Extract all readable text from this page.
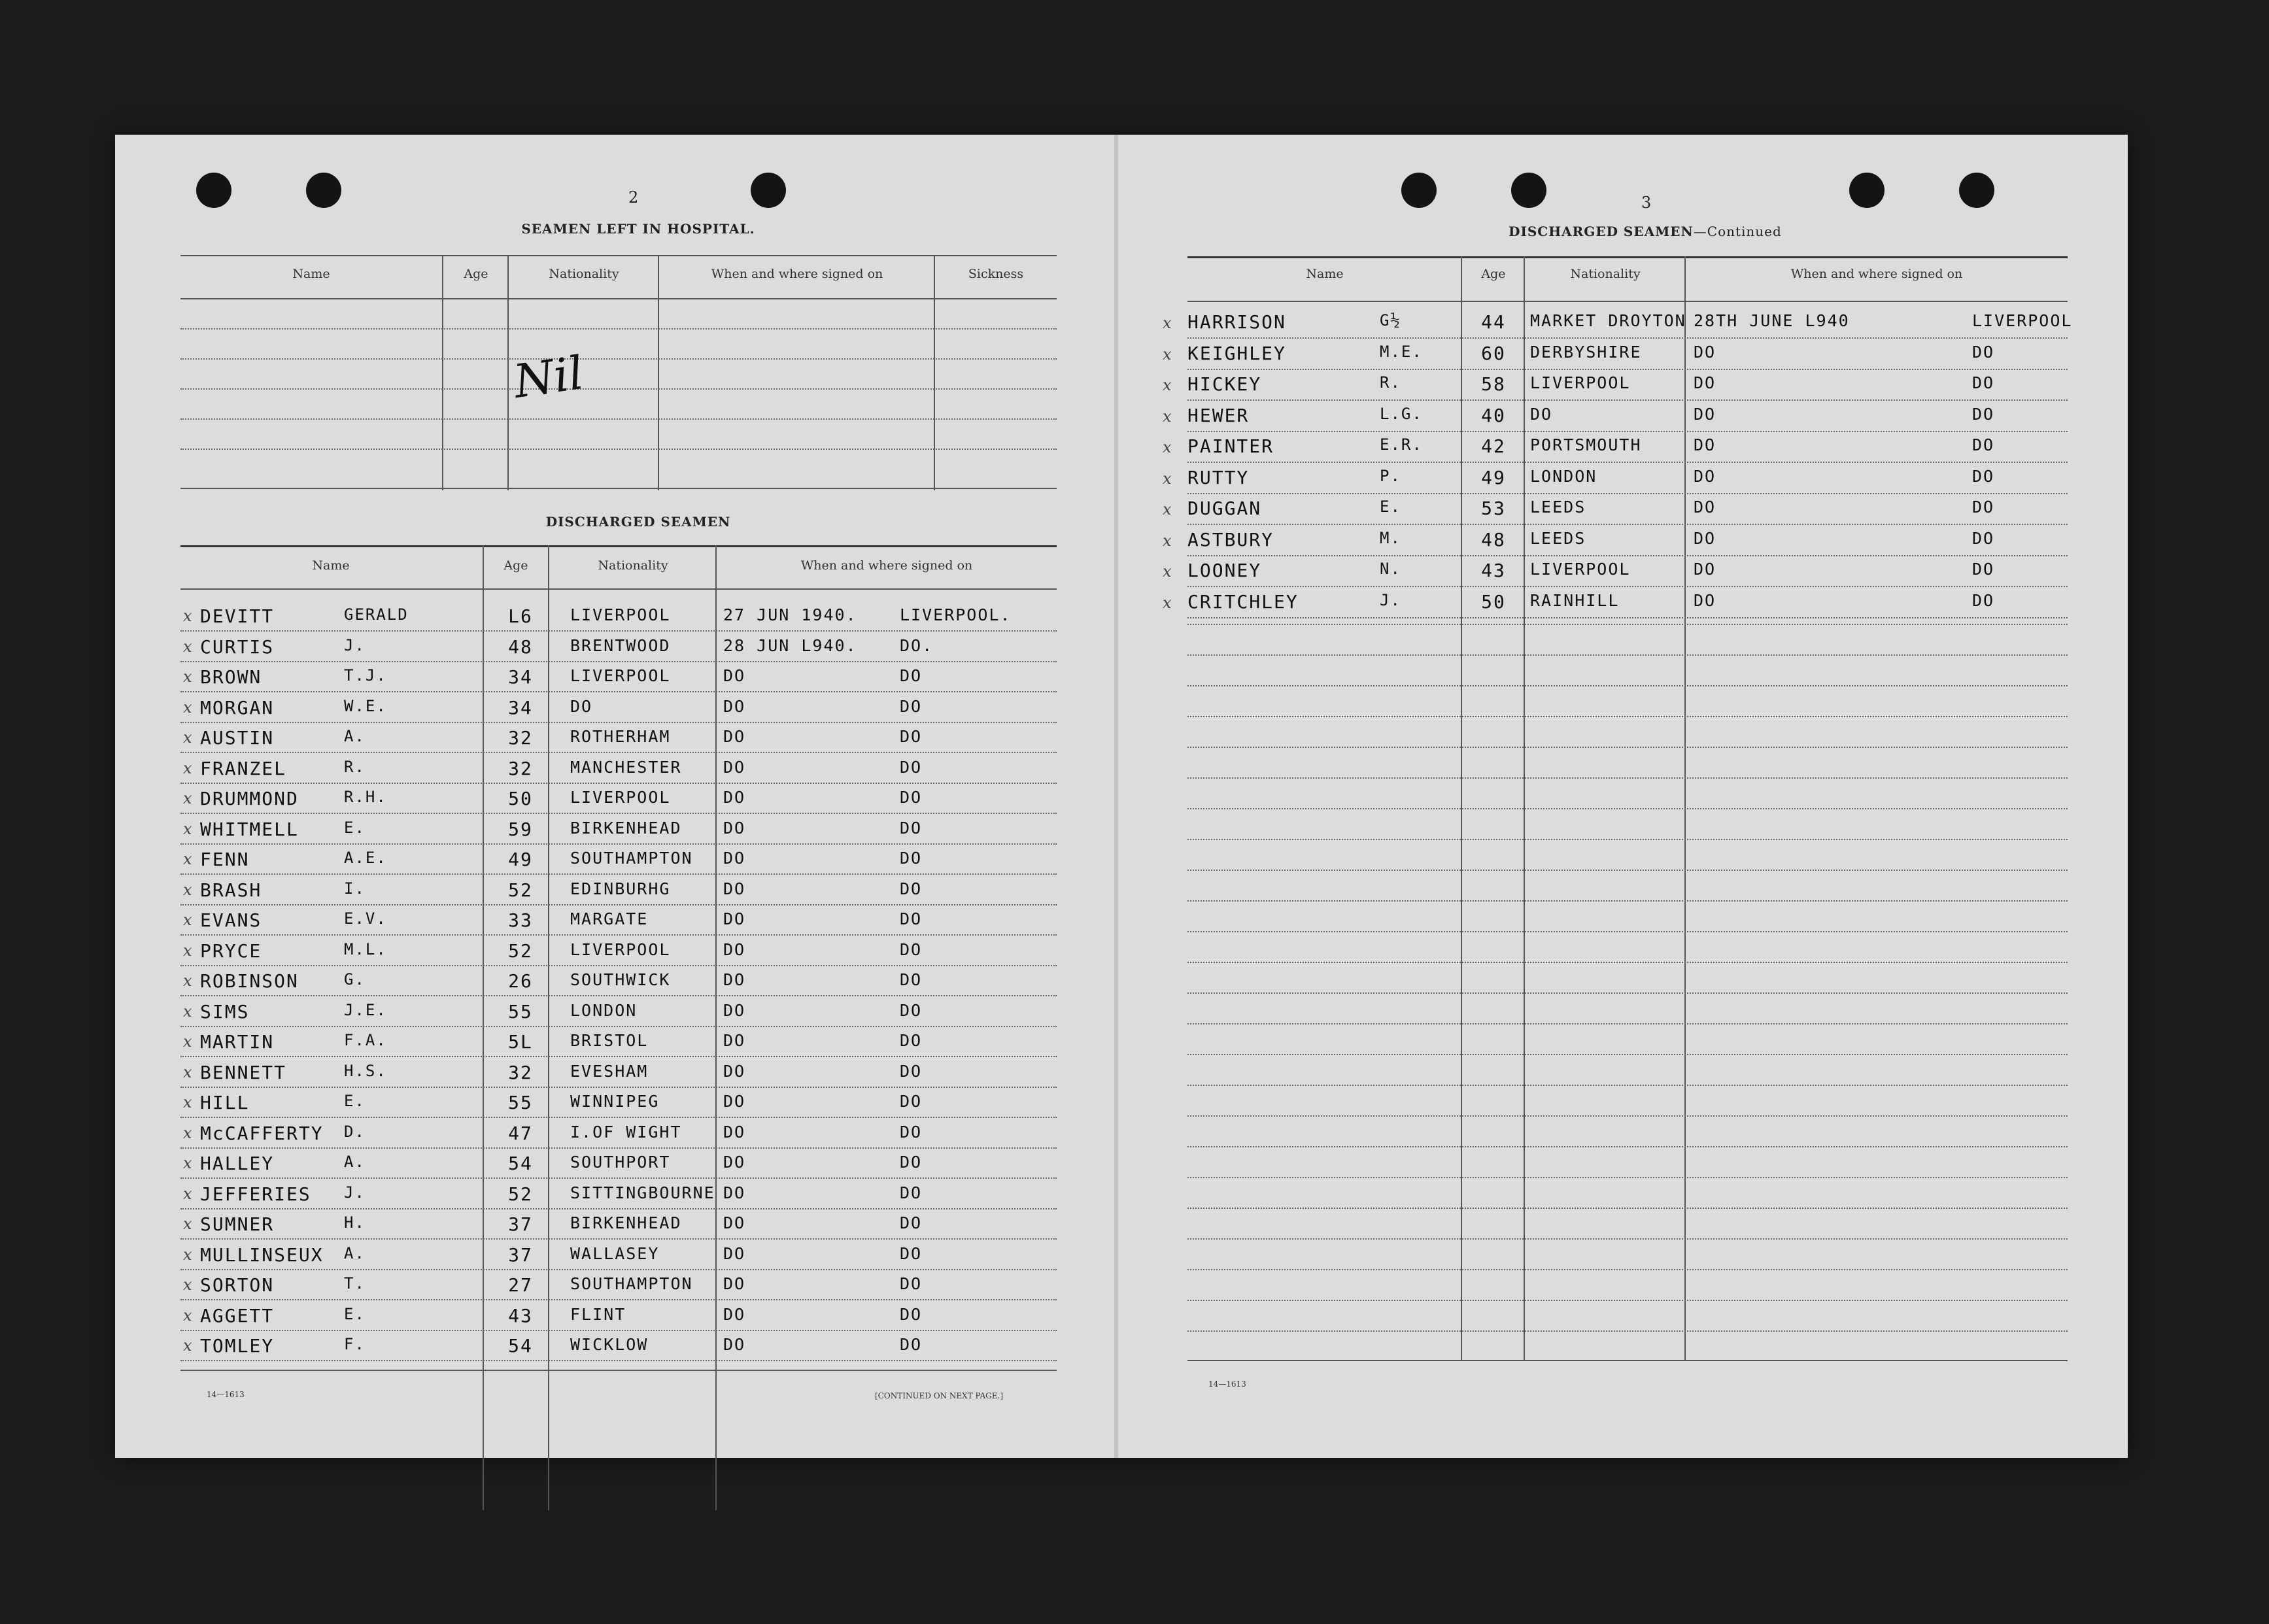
2
SEAMEN LEFT IN HOSPITAL.
Name	Age	Nationality	When and where signed on	Sickness
Nil
DISCHARGED SEAMEN
Name	Age	Nationality	When and where signed on
x DEVITT	GERALD	L6	LIVERPOOL	27 JUN 1940.	LIVERPOOL.
x CURTIS	J.	48	BRENTWOOD	28 JUN L940.	DO.
x BROWN	T.J.	34	LIVERPOOL	DO	DO
x MORGAN	W.E.	34	DO	DO	DO
x AUSTIN	A.	32	ROTHERHAM	DO	DO
x FRANZEL	R.	32	MANCHESTER	DO	DO
x DRUMMOND	R.H.	50	LIVERPOOL	DO	DO
x WHITMELL	E.	59	BIRKENHEAD	DO	DO
x FENN	A.E.	49	SOUTHAMPTON DO	DO
x BRASH	I.	52	EDINBURHG	DO	DO
x EVANS	E.V.	33	MARGATE	DO	DO
x PRYCE	M.L.	52	LIVERPOOL	DO	DO
x ROBINSON	G.	26	SOUTHWICK	DO	DO
x SIMS	J.E.	55	LONDON	DO	DO
x MARTIN	F.A.	5L	BRISTOL	DO	DO
x BENNETT	H.S.	32	EVESHAM	DO	DO
x HILL	E.	55	WINNIPEG	DO	DO
x McCAFFERTY D.	47	I.OF WIGHT	DO	DO
x HALLEY	A.	54	SOUTHPORT	DO	DO
x JEFFERIES J.	52	SITTINGBOURNE DO	DO
x SUMNER	H.	37	BIRKENHEAD	DO	DO
x MULLINSEUX A.	37	WALLASEY	DO	DO
x SORTON	T.	27	SOUTHAMPTON DO	DO
x AGGETT	E.	43	FLINT	DO	DO
x TOMLEY	F.	54	WICKLOW	DO	DO
14—1613	[CONTINUED ON NEXT PAGE.]
3
DISCHARGED SEAMEN—Continued
Name	Age	Nationality	When and where signed on
x HARRISON	G½	44	MARKET DROYTON 28TH JUNE L940	LIVERPOOL
x KEIGHLEY	M.E.	60	DERBYSHIRE	DO	DO
x HICKEY	R.	58	LIVERPOOL	DO	DO
x HEWER	L.G.	40	DO	DO	DO
x PAINTER	E.R.	42	PORTSMOUTH	DO	DO
x RUTTY	P.	49	LONDON	DO	DO
x DUGGAN	E.	53	LEEDS	DO	DO
x ASTBURY	M.	48	LEEDS	DO	DO
x LOONEY	N.	43	LIVERPOOL	DO	DO
x CRITCHLEY	J.	50	RAINHILL	DO	DO
14—1613
